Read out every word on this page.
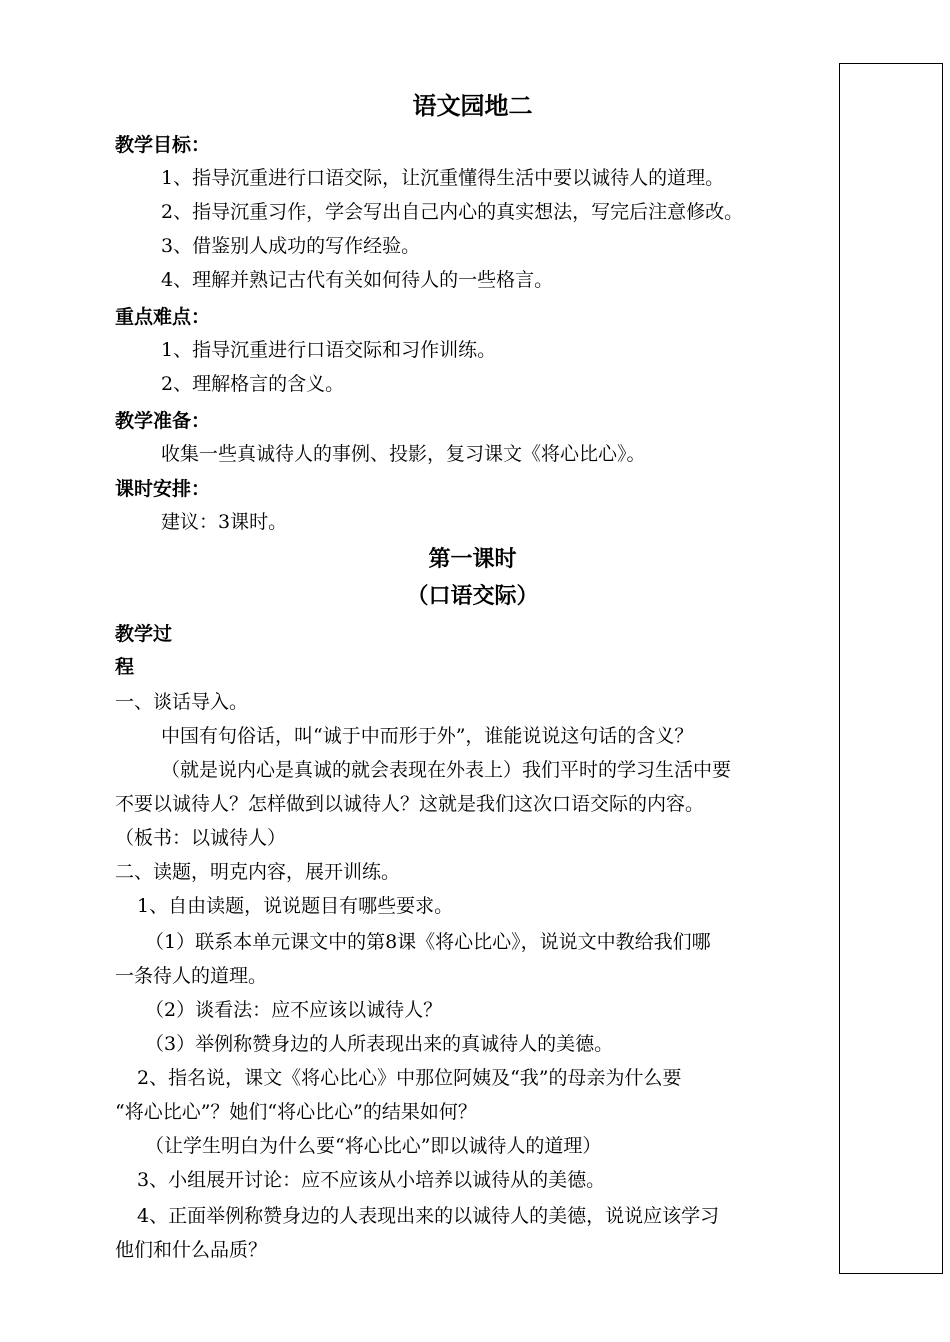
语文园地二
教学目标：
1、指导沉重进行口语交际，让沉重懂得生活中要以诚待人的道理。
2、指导沉重习作，学会写出自己内心的真实想法，写完后注意修改。
3、借鉴别人成功的写作经验。
4、理解并熟记古代有关如何待人的一些格言。
重点难点：
1、指导沉重进行口语交际和习作训练。
2、理解格言的含义。
教学准备：
收集一些真诚待人的事例、投影，复习课文《将心比心》。
课时安排：
建议：3课时。
第一课时
（口语交际）
教学过
程
一、谈话导入。
中国有句俗话，叫“诚于中而形于外”，谁能说说这句话的含义？
（就是说内心是真诚的就会表现在外表上）我们平时的学习生活中要
不要以诚待人？怎样做到以诚待人？这就是我们这次口语交际的内容。
（板书：以诚待人）
二、读题，明克内容，展开训练。
1、自由读题，说说题目有哪些要求。
（1）联系本单元课文中的第8课《将心比心》，说说文中教给我们哪
一条待人的道理。
（2）谈看法：应不应该以诚待人？
（3）举例称赞身边的人所表现出来的真诚待人的美德。
2、指名说，课文《将心比心》中那位阿姨及“我”的母亲为什么要
“将心比心”？她们“将心比心”的结果如何？
（让学生明白为什么要“将心比心”即以诚待人的道理）
3、小组展开讨论：应不应该从小培养以诚待从的美德。
4、正面举例称赞身边的人表现出来的以诚待人的美德，说说应该学习
他们和什么品质？
